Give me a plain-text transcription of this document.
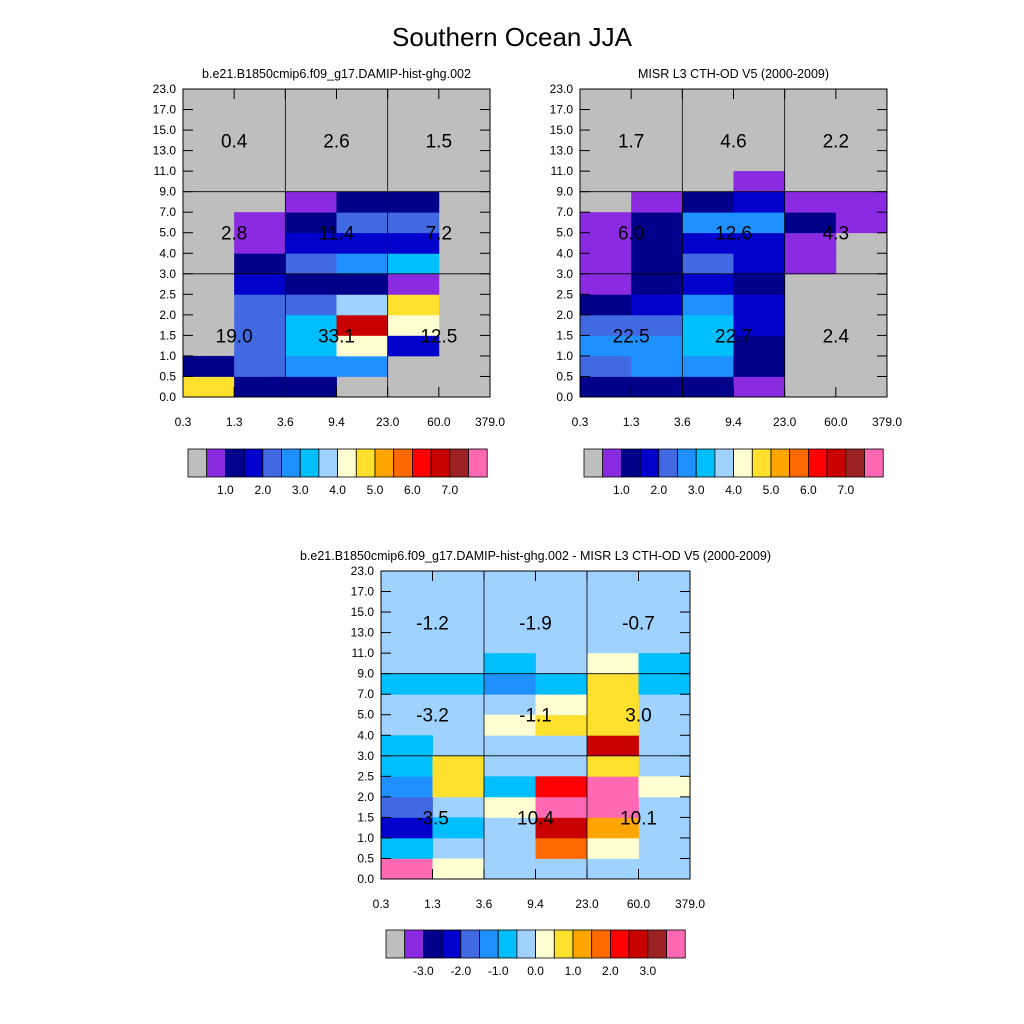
Southern Ocean JJA
b.e21.B1850cmip6.f09_g17.DAMIP-hist-ghg.002
0.0
0.5
1.0
1.5
2.0
2.5
3.0
4.0
5.0
7.0
9.0
11.0
13.0
15.0
17.0
23.0
0.3	1.3	3.6	9.4	23.0 60.0 379.0
19.0	33.1	12.5
2.8	11.4	7.2
0.4	2.6	1.5
1.0 2.0 3.0 4.0 5.0 6.0 7.0
MISR L3 CTH-OD V5 (2000-2009)
0.0
0.5
1.0
1.5
2.0
2.5
3.0
4.0
5.0
7.0
9.0
11.0
13.0
15.0
17.0
23.0
0.3	1.3	3.6	9.4	23.0 60.0 379.0
22.5	22.7	2.4
6.0	12.6	4.3
1.7	4.6	2.2
1.0 2.0 3.0 4.0 5.0 6.0 7.0
b.e21.B1850cmip6.f09_g17.DAMIP-hist-ghg.002 - MISR L3 CTH-OD V5 (2000-2009)
0.0
0.5
1.0
1.5
2.0
2.5
3.0
4.0
5.0
7.0
9.0
11.0
13.0
15.0
17.0
23.0
0.3	1.3	3.6	9.4	23.0 60.0 379.0
-3.5	10.4	10.1
-3.2	-1.1	3.0
-1.2	-1.9	-0.7
-3.0 -2.0 -1.0 0.0 1.0 2.0 3.0
